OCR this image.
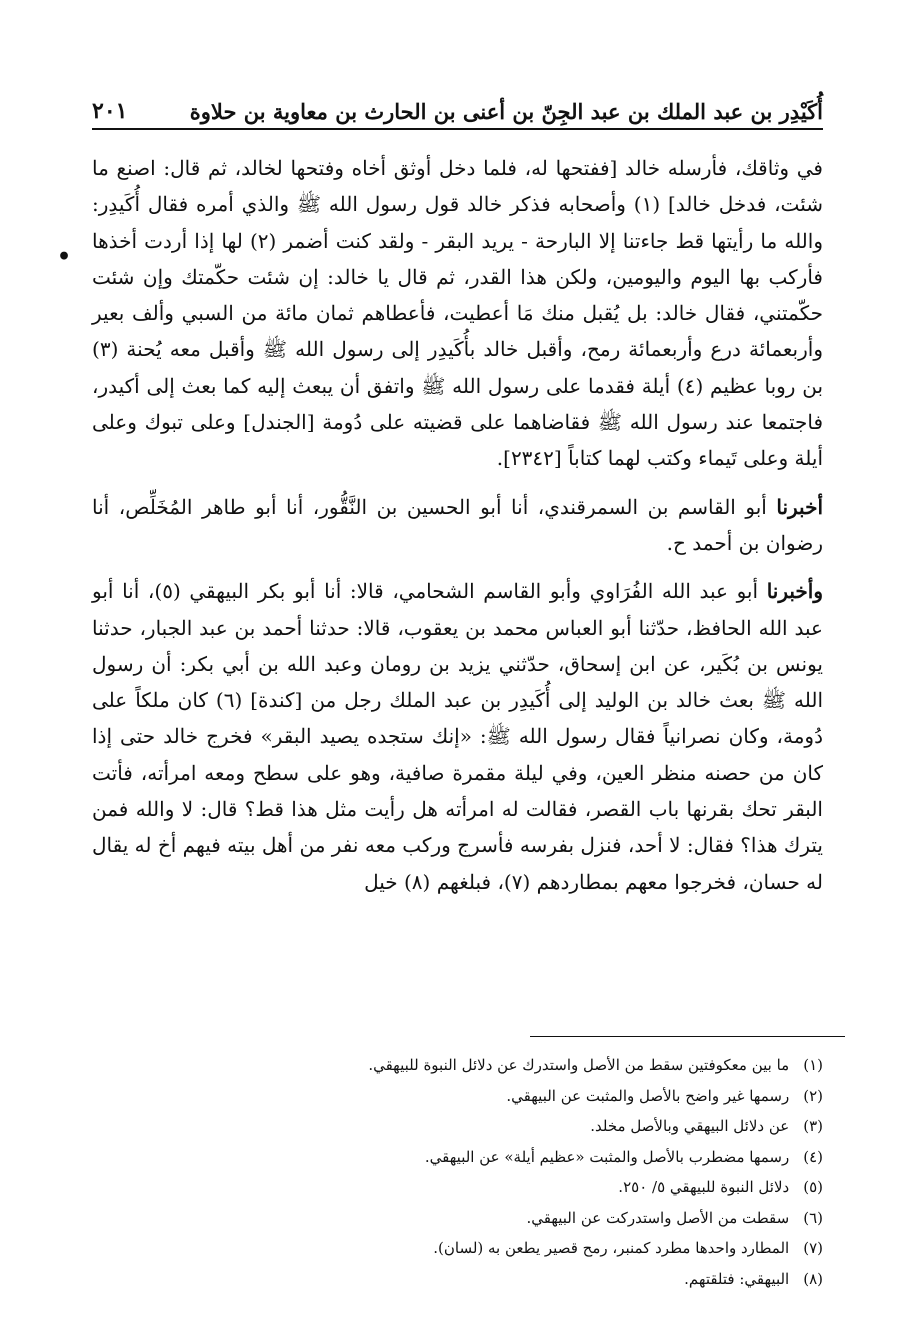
أُكَيْدِر بن عبد الملك بن عبد الجِنّ بن أعنى بن الحارث بن معاوية بن حلاوة
٢٠١
•

في وثاقك، فأرسله خالد [ففتحها له، فلما دخل أوثق أخاه وفتحها لخالد، ثم قال: اصنع ما شئت، فدخل خالد] (١) وأصحابه فذكر خالد قول رسول الله ﷺ والذي أمره فقال أُكَيدِر: والله ما رأيتها قط جاءتنا إلا البارحة - يريد البقر - ولقد كنت أضمر (٢) لها إذا أردت أخذها فأركب بها اليوم واليومين، ولكن هذا القدر، ثم قال يا خالد: إن شئت حكّمتك وإن شئت حكّمتني، فقال خالد: بل يُقبل منك مَا أعطيت، فأعطاهم ثمان مائة من السبي وألف بعير وأربعمائة درع وأربعمائة رمح، وأقبل خالد بأُكَيدِر إلى رسول الله ﷺ وأقبل معه يُحنة (٣) بن روبا عظيم (٤) أيلة فقدما على رسول الله ﷺ واتفق أن يبعث إليه كما بعث إلى أكيدر، فاجتمعا عند رسول الله ﷺ فقاضاهما على قضيته على دُومة [الجندل] وعلى تبوك وعلى أيلة وعلى تَيماء وكتب لهما كتاباً [٢٣٤٢].

أخبرنا أبو القاسم بن السمرقندي، أنا أبو الحسين بن النَّقُّور، أنا أبو طاهر المُخَلِّص، أنا رضوان بن أحمد ح.

وأخبرنا أبو عبد الله الفُرَاوي وأبو القاسم الشحامي، قالا: أنا أبو بكر البيهقي (٥)، أنا أبو عبد الله الحافظ، حدّثنا أبو العباس محمد بن يعقوب، قالا: حدثنا أحمد بن عبد الجبار، حدثنا يونس بن بُكَير، عن ابن إسحاق، حدّثني يزيد بن رومان وعبد الله بن أبي بكر: أن رسول الله ﷺ بعث خالد بن الوليد إلى أُكَيدِر بن عبد الملك رجل من [كندة] (٦) كان ملكاً على دُومة، وكان نصرانياً فقال رسول الله ﷺ: «إنك ستجده يصيد البقر» فخرج خالد حتى إذا كان من حصنه منظر العين، وفي ليلة مقمرة صافية، وهو على سطح ومعه امرأته، فأتت البقر تحك بقرنها باب القصر، فقالت له امرأته هل رأيت مثل هذا قط؟ قال: لا والله فمن يترك هذا؟ فقال: لا أحد، فنزل بفرسه فأسرج وركب معه نفر من أهل بيته فيهم أخ له يقال له حسان، فخرجوا معهم بمطاردهم (٧)، فبلغهم (٨) خيل

(١)
ما بين معكوفتين سقط من الأصل واستدرك عن دلائل النبوة للبيهقي.
(٢)
رسمها غير واضح بالأصل والمثبت عن البيهقي.
(٣)
عن دلائل البيهقي وبالأصل مخلد.
(٤)
رسمها مضطرب بالأصل والمثبت «عظيم أيلة» عن البيهقي.
(٥)
دلائل النبوة للبيهقي ٥/ ٢٥٠.
(٦)
سقطت من الأصل واستدركت عن البيهقي.
(٧)
المطارد واحدها مطرد كمنبر، رمح قصير يطعن به (لسان).
(٨)
البيهقي: فتلقتهم.
